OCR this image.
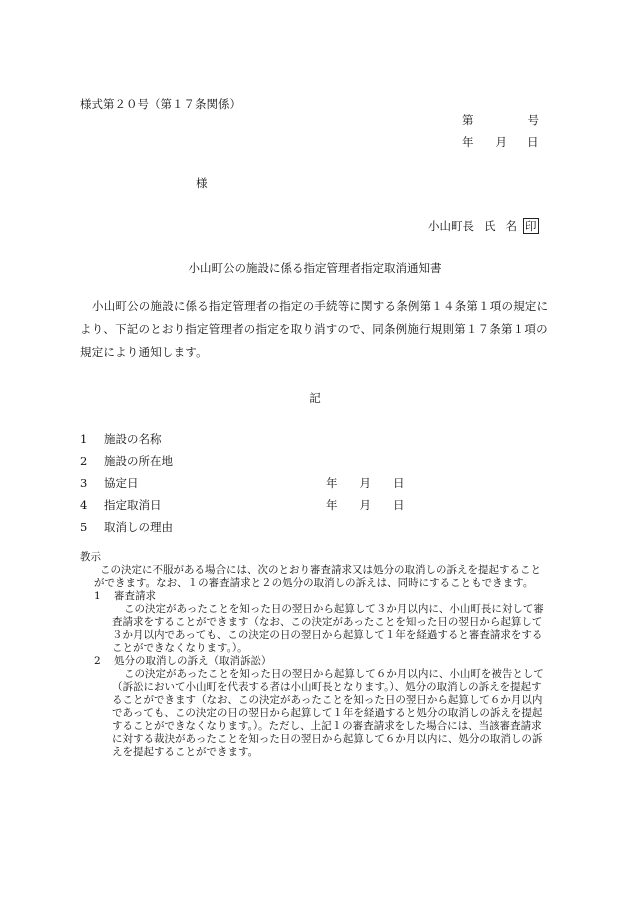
様式第２０号（第１７条関係）
第	号
年 月 日
様
小山町長 氏 名 印
小山町公の施設に係る指定管理者指定取消通知書
小山町公の施設に係る指定管理者の指定の手続等に関する条例第１４条第１項の規定により、下記のとおり指定管理者の指定を取り消すので、同条例施行規則第１７条第１項の規定により通知します。
記
1 施設の名称
2 施設の所在地
3 協定日	年 月 日
4 指定取消日	年 月 日
5 取消しの理由

教示

この決定に不服がある場合には、次のとおり審査請求又は処分の取消しの訴えを提起することができます。なお、１の審査請求と２の処分の取消しの訴えは、同時にすることもできます。

1 審査請求

この決定があったことを知った日の翌日から起算して３か月以内に、小山町長に対して審査請求をすることができます（なお、この決定があったことを知った日の翌日から起算して３か月以内であっても、この決定の日の翌日から起算して１年を経過すると審査請求をすることができなくなります。）。

2 処分の取消しの訴え（取消訴訟）

この決定があったことを知った日の翌日から起算して６か月以内に、小山町を被告として（訴訟において小山町を代表する者は小山町長となります。）、処分の取消しの訴えを提起することができます（なお、この決定があったことを知った日の翌日から起算して６か月以内であっても、この決定の日の翌日から起算して１年を経過すると処分の取消しの訴えを提起することができなくなります。）。ただし、上記１の審査請求をした場合には、当該審査請求に対する裁決があったことを知った日の翌日から起算して６か月以内に、処分の取消しの訴えを提起することができます。
